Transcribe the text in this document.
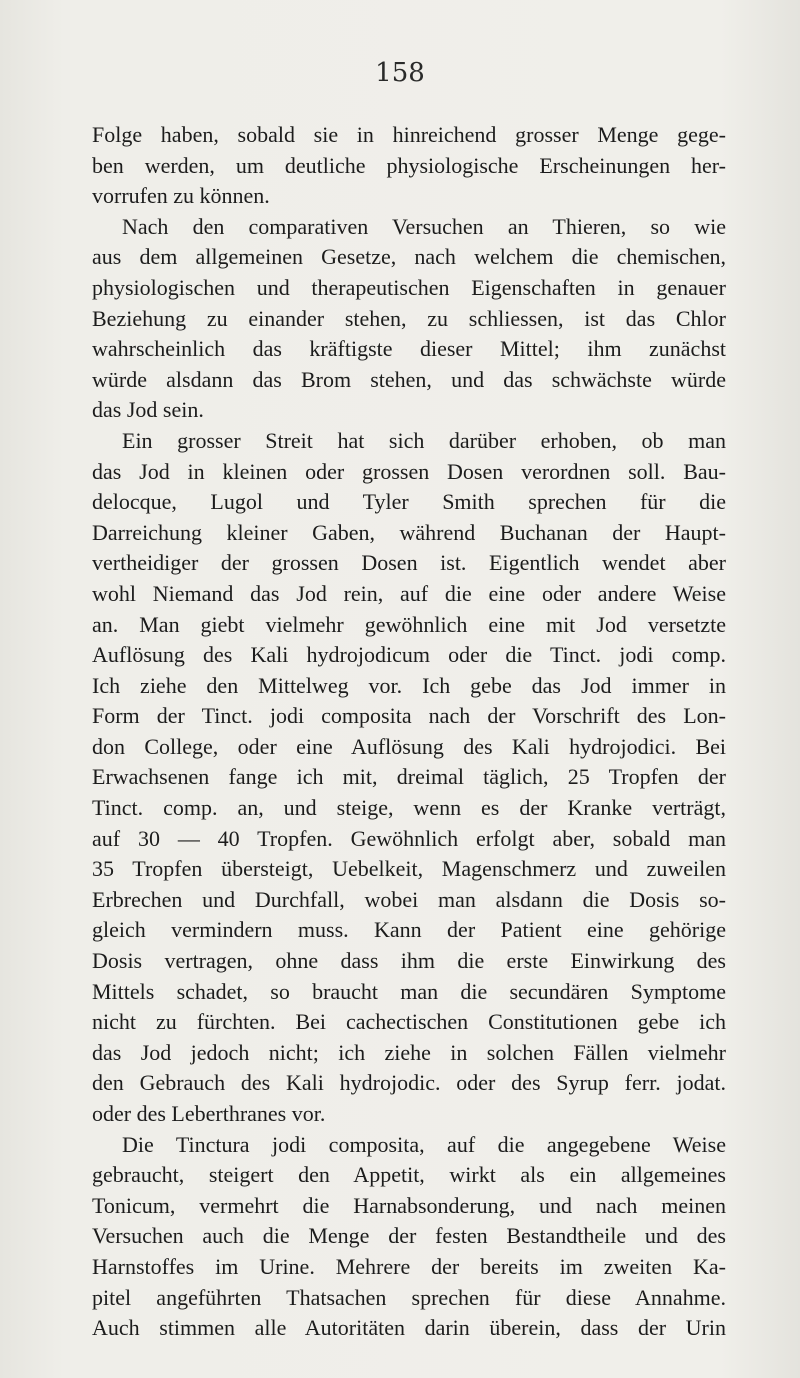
158
Folge haben, sobald sie in hinreichend grosser Menge gege-
ben werden, um deutliche physiologische Erscheinungen her-
vorrufen zu können.
Nach den comparativen Versuchen an Thieren, so wie
aus dem allgemeinen Gesetze, nach welchem die chemischen,
physiologischen und therapeutischen Eigenschaften in genauer
Beziehung zu einander stehen, zu schliessen, ist das Chlor
wahrscheinlich das kräftigste dieser Mittel; ihm zunächst
würde alsdann das Brom stehen, und das schwächste würde
das Jod sein.
Ein grosser Streit hat sich darüber erhoben, ob man
das Jod in kleinen oder grossen Dosen verordnen soll. Bau-
delocque, Lugol und Tyler Smith sprechen für die
Darreichung kleiner Gaben, während Buchanan der Haupt-
vertheidiger der grossen Dosen ist. Eigentlich wendet aber
wohl Niemand das Jod rein, auf die eine oder andere Weise
an. Man giebt vielmehr gewöhnlich eine mit Jod versetzte
Auflösung des Kali hydrojodicum oder die Tinct. jodi comp.
Ich ziehe den Mittelweg vor. Ich gebe das Jod immer in
Form der Tinct. jodi composita nach der Vorschrift des Lon-
don College, oder eine Auflösung des Kali hydrojodici. Bei
Erwachsenen fange ich mit, dreimal täglich, 25 Tropfen der
Tinct. comp. an, und steige, wenn es der Kranke verträgt,
auf 30 — 40 Tropfen. Gewöhnlich erfolgt aber, sobald man
35 Tropfen übersteigt, Uebelkeit, Magenschmerz und zuweilen
Erbrechen und Durchfall, wobei man alsdann die Dosis so-
gleich vermindern muss. Kann der Patient eine gehörige
Dosis vertragen, ohne dass ihm die erste Einwirkung des
Mittels schadet, so braucht man die secundären Symptome
nicht zu fürchten. Bei cachectischen Constitutionen gebe ich
das Jod jedoch nicht; ich ziehe in solchen Fällen vielmehr
den Gebrauch des Kali hydrojodic. oder des Syrup ferr. jodat.
oder des Leberthranes vor.
Die Tinctura jodi composita, auf die angegebene Weise
gebraucht, steigert den Appetit, wirkt als ein allgemeines
Tonicum, vermehrt die Harnabsonderung, und nach meinen
Versuchen auch die Menge der festen Bestandtheile und des
Harnstoffes im Urine. Mehrere der bereits im zweiten Ka-
pitel angeführten Thatsachen sprechen für diese Annahme.
Auch stimmen alle Autoritäten darin überein, dass der Urin
